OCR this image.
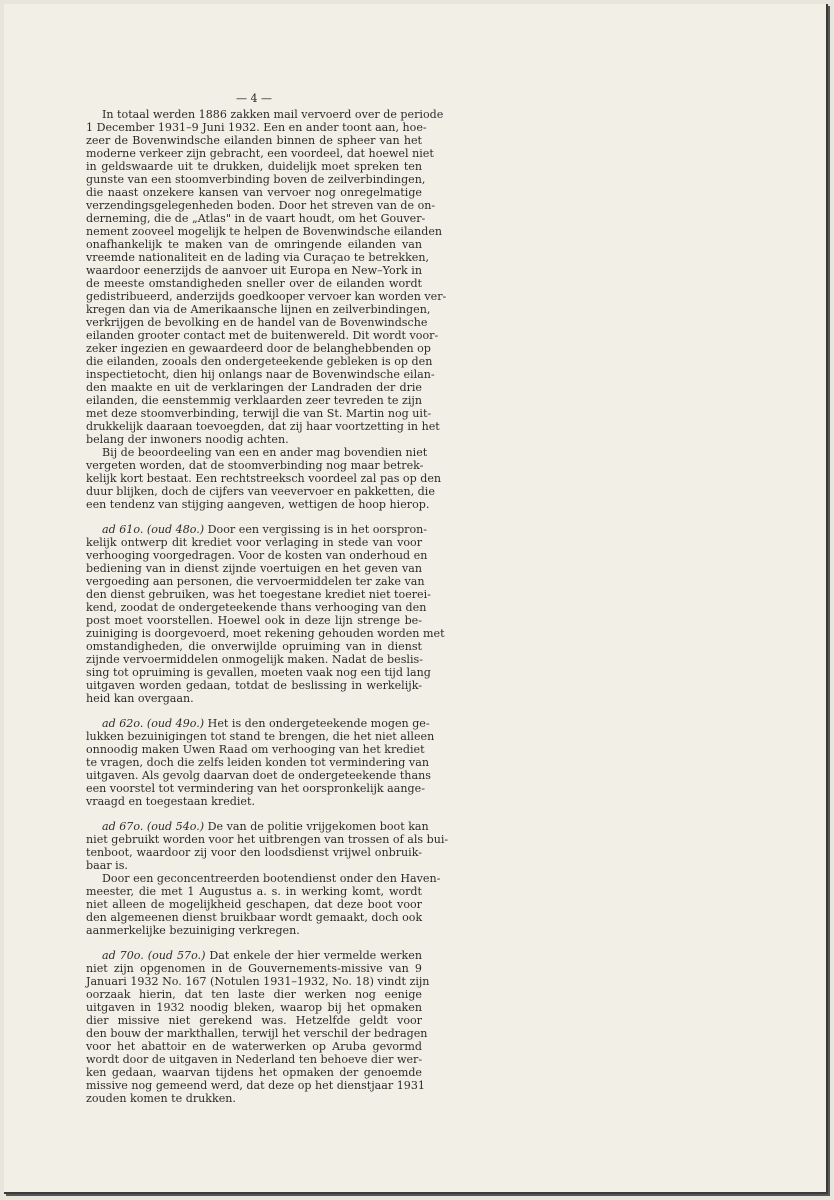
— 4 —
In totaal werden 1886 zakken mail vervoerd over de periode
1 December 1931–9 Juni 1932. Een en ander toont aan, hoe-
zeer de Bovenwindsche eilanden binnen de spheer van het
moderne verkeer zijn gebracht, een voordeel, dat hoewel niet
in geldswaarde uit te drukken, duidelijk moet spreken ten
gunste van een stoomverbinding boven de zeilverbindingen,
die naast onzekere kansen van vervoer nog onregelmatige
verzendingsgelegenheden boden. Door het streven van de on-
derneming, die de „Atlas" in de vaart houdt, om het Gouver-
nement zooveel mogelijk te helpen de Bovenwindsche eilanden
onafhankelijk te maken van de omringende eilanden van
vreemde nationaliteit en de lading via Curaçao te betrekken,
waardoor eenerzijds de aanvoer uit Europa en New–York in
de meeste omstandigheden sneller over de eilanden wordt
gedistribueerd, anderzijds goedkooper vervoer kan worden ver-
kregen dan via de Amerikaansche lijnen en zeilverbindingen,
verkrijgen de bevolking en de handel van de Bovenwindsche
eilanden grooter contact met de buitenwereld. Dit wordt voor-
zeker ingezien en gewaardeerd door de belanghebbenden op
die eilanden, zooals den ondergeteekende gebleken is op den
inspectietocht, dien hij onlangs naar de Bovenwindsche eilan-
den maakte en uit de verklaringen der Landraden der drie
eilanden, die eenstemmig verklaarden zeer tevreden te zijn
met deze stoomverbinding, terwijl die van St. Martin nog uit-
drukkelijk daaraan toevoegden, dat zij haar voortzetting in het
belang der inwoners noodig achten.
Bij de beoordeeling van een en ander mag bovendien niet
vergeten worden, dat de stoomverbinding nog maar betrek-
kelijk kort bestaat. Een rechtstreeksch voordeel zal pas op den
duur blijken, doch de cijfers van veevervoer en pakketten, die
een tendenz van stijging aangeven, wettigen de hoop hierop.
ad 61o. (oud 48o.) Door een vergissing is in het oorspron-
kelijk ontwerp dit krediet voor verlaging in stede van voor
verhooging voorgedragen. Voor de kosten van onderhoud en
bediening van in dienst zijnde voertuigen en het geven van
vergoeding aan personen, die vervoermiddelen ter zake van
den dienst gebruiken, was het toegestane krediet niet toerei-
kend, zoodat de ondergeteekende thans verhooging van den
post moet voorstellen. Hoewel ook in deze lijn strenge be-
zuiniging is doorgevoerd, moet rekening gehouden worden met
omstandigheden, die onverwijlde opruiming van in dienst
zijnde vervoermiddelen onmogelijk maken. Nadat de beslis-
sing tot opruiming is gevallen, moeten vaak nog een tijd lang
uitgaven worden gedaan, totdat de beslissing in werkelijk-
heid kan overgaan.
ad 62o. (oud 49o.) Het is den ondergeteekende mogen ge-
lukken bezuinigingen tot stand te brengen, die het niet alleen
onnoodig maken Uwen Raad om verhooging van het krediet
te vragen, doch die zelfs leiden konden tot vermindering van
uitgaven. Als gevolg daarvan doet de ondergeteekende thans
een voorstel tot vermindering van het oorspronkelijk aange-
vraagd en toegestaan krediet.
ad 67o. (oud 54o.) De van de politie vrijgekomen boot kan
niet gebruikt worden voor het uitbrengen van trossen of als bui-
tenboot, waardoor zij voor den loodsdienst vrijwel onbruik-
baar is.
Door een geconcentreerden bootendienst onder den Haven-
meester, die met 1 Augustus a. s. in werking komt, wordt
niet alleen de mogelijkheid geschapen, dat deze boot voor
den algemeenen dienst bruikbaar wordt gemaakt, doch ook
aanmerkelijke bezuiniging verkregen.
ad 70o. (oud 57o.) Dat enkele der hier vermelde werken
niet zijn opgenomen in de Gouvernements-missive van 9
Januari 1932 No. 167 (Notulen 1931–1932, No. 18) vindt zijn
oorzaak hierin, dat ten laste dier werken nog eenige
uitgaven in 1932 noodig bleken, waarop bij het opmaken
dier missive niet gerekend was. Hetzelfde geldt voor
den bouw der markthallen, terwijl het verschil der bedragen
voor het abattoir en de waterwerken op Aruba gevormd
wordt door de uitgaven in Nederland ten behoeve dier wer-
ken gedaan, waarvan tijdens het opmaken der genoemde
missive nog gemeend werd, dat deze op het dienstjaar 1931
zouden komen te drukken.
